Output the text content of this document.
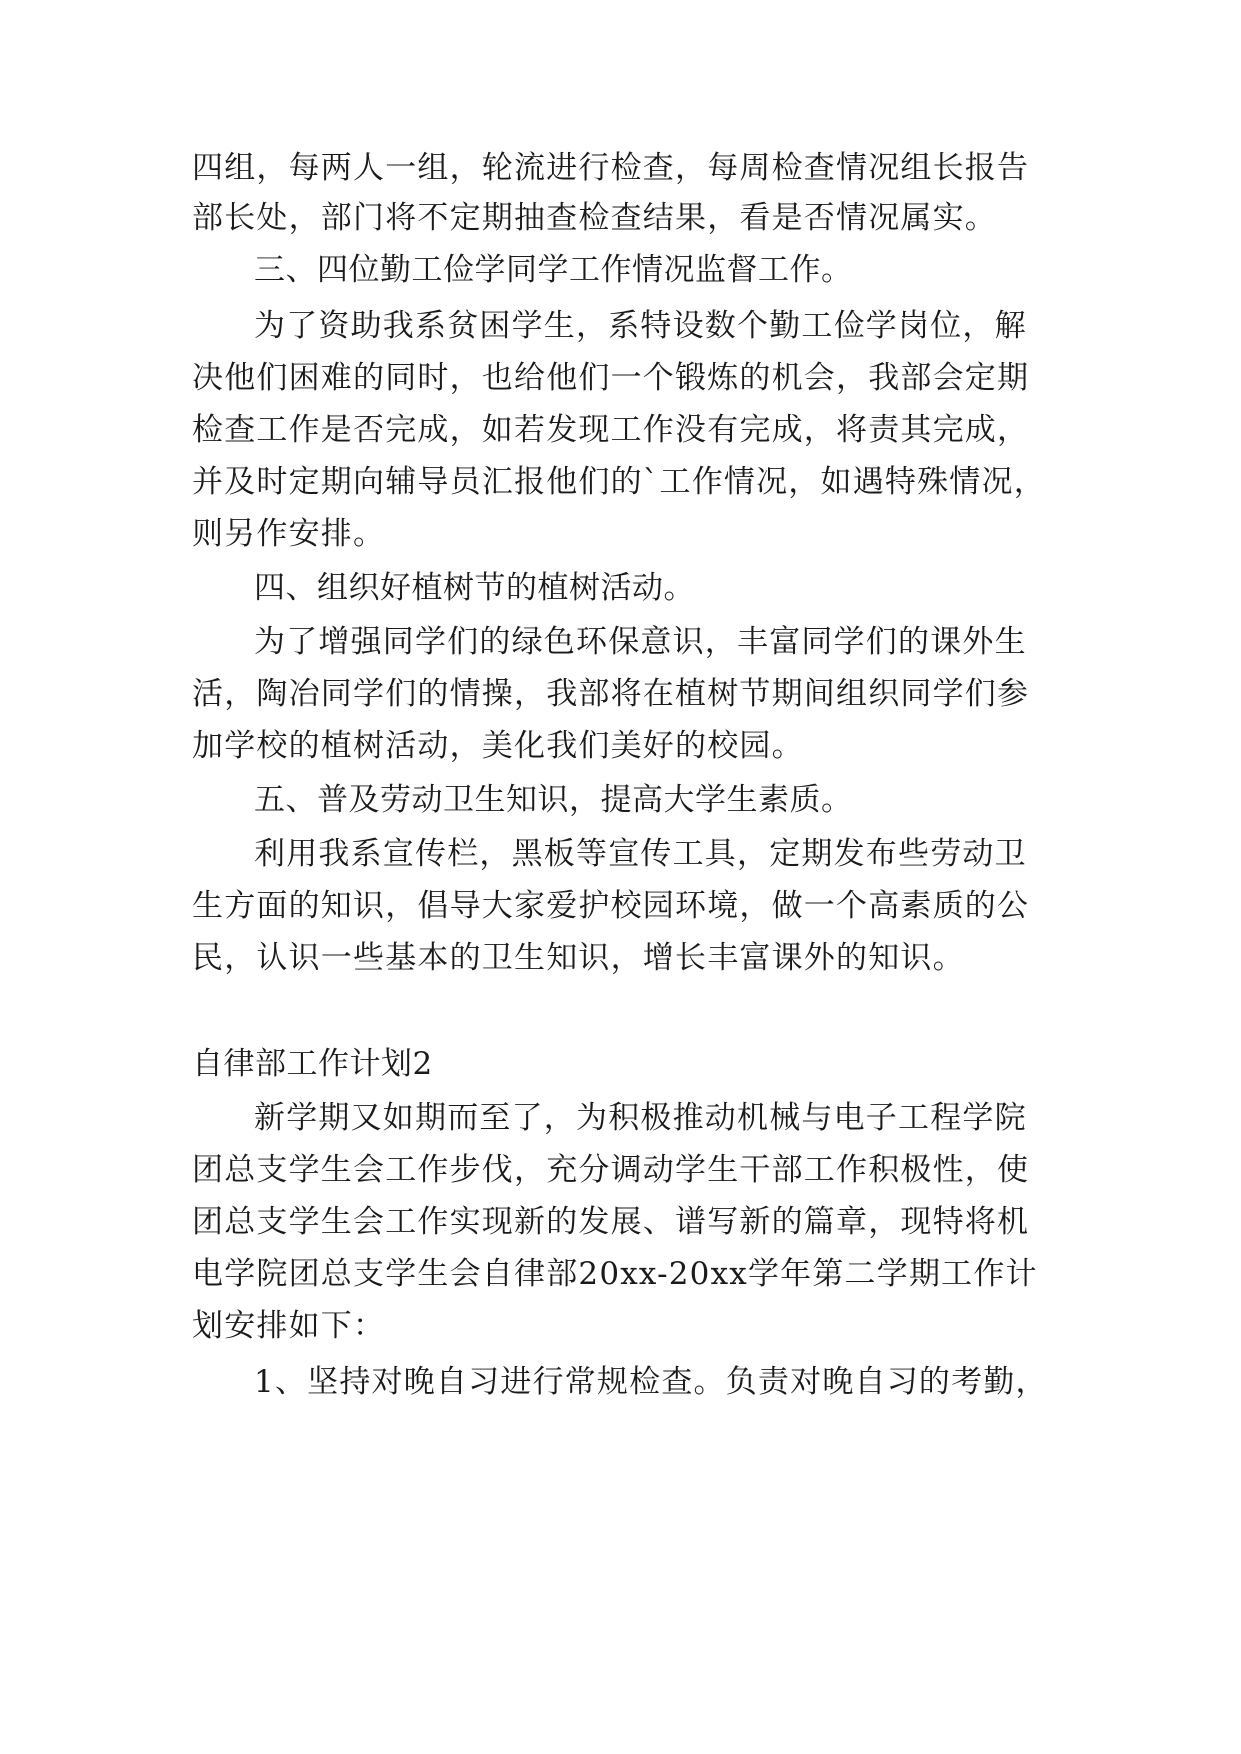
四组，每两人一组，轮流进行检查，每周检查情况组长报告
部长处，部门将不定期抽查检查结果，看是否情况属实。
三、四位勤工俭学同学工作情况监督工作。
为了资助我系贫困学生，系特设数个勤工俭学岗位，解
决他们困难的同时，也给他们一个锻炼的机会，我部会定期
检查工作是否完成，如若发现工作没有完成，将责其完成，
并及时定期向辅导员汇报他们的`工作情况，如遇特殊情况，
则另作安排。
四、组织好植树节的植树活动。
为了增强同学们的绿色环保意识，丰富同学们的课外生
活，陶冶同学们的情操，我部将在植树节期间组织同学们参
加学校的植树活动，美化我们美好的校园。
五、普及劳动卫生知识，提高大学生素质。
利用我系宣传栏，黑板等宣传工具，定期发布些劳动卫
生方面的知识，倡导大家爱护校园环境，做一个高素质的公
民，认识一些基本的卫生知识，增长丰富课外的知识。
自律部工作计划2
新学期又如期而至了，为积极推动机械与电子工程学院
团总支学生会工作步伐，充分调动学生干部工作积极性，使
团总支学生会工作实现新的发展、谱写新的篇章，现特将机
电学院团总支学生会自律部20xx-20xx学年第二学期工作计
划安排如下：
1、坚持对晚自习进行常规检查。负责对晚自习的考勤，
